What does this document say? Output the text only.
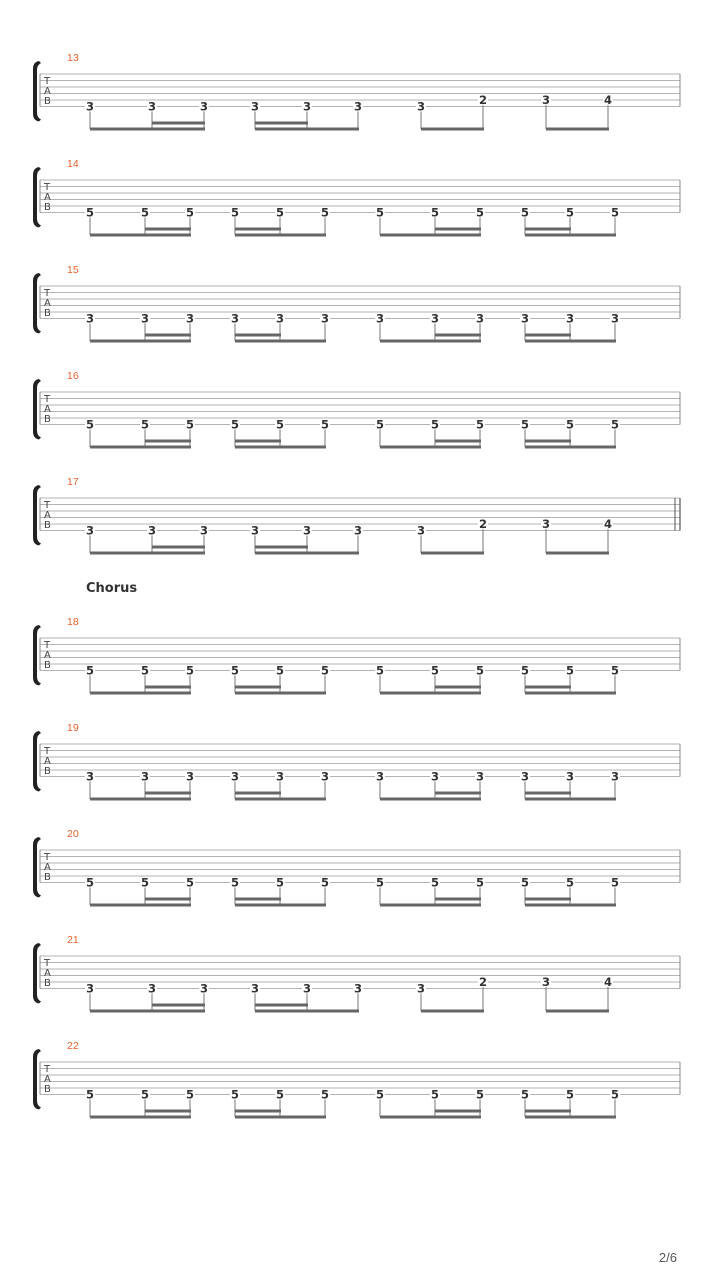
13
T
A
B	3	3	3	3	3	3	3	2	3	4
14
T
A
B	5	5	5	5	5	5	5	5	5	5	5	5
15
T
A
B	3	3	3	3	3	3	3	3	3	3	3	3
16
T
A
B	5	5	5	5	5	5	5	5	5	5	5	5
17
T
A
B	3	3	3	3	3	3	3	2	3	4
Chorus
18
T
A
B	5	5	5	5	5	5	5	5	5	5	5	5
19
T
A
B	3	3	3	3	3	3	3	3	3	3	3	3
20
T
A
B	5	5	5	5	5	5	5	5	5	5	5	5
21
T
A
B	3	3	3	3	3	3	3	2	3	4
22
T
A
B	5	5	5	5	5	5	5	5	5	5	5	5
2/6
